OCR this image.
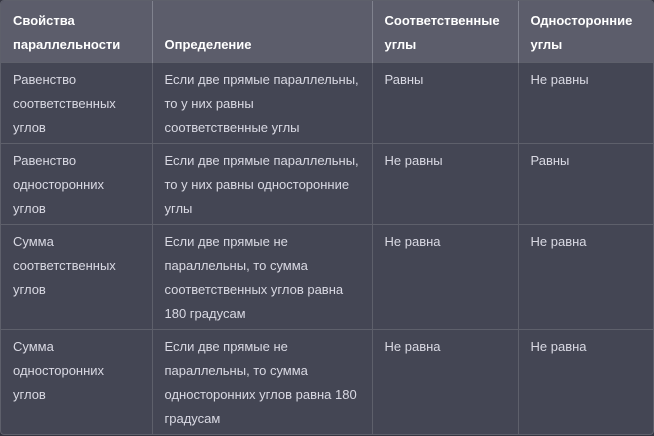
Свойства параллельности	Определение	Соответственные углы	Односторонние углы
Равенство соответственных углов	Если две прямые параллельны, то у них равны соответственные углы	Равны	Не равны
Равенство односторонних углов	Если две прямые параллельны, то у них равны односторонние углы	Не равны	Равны
Сумма соответственных углов	Если две прямые не параллельны, то сумма соответственных углов равна 180 градусам	Не равна	Не равна
Сумма односторонних углов	Если две прямые не параллельны, то сумма односторонних углов равна 180 градусам	Не равна	Не равна
